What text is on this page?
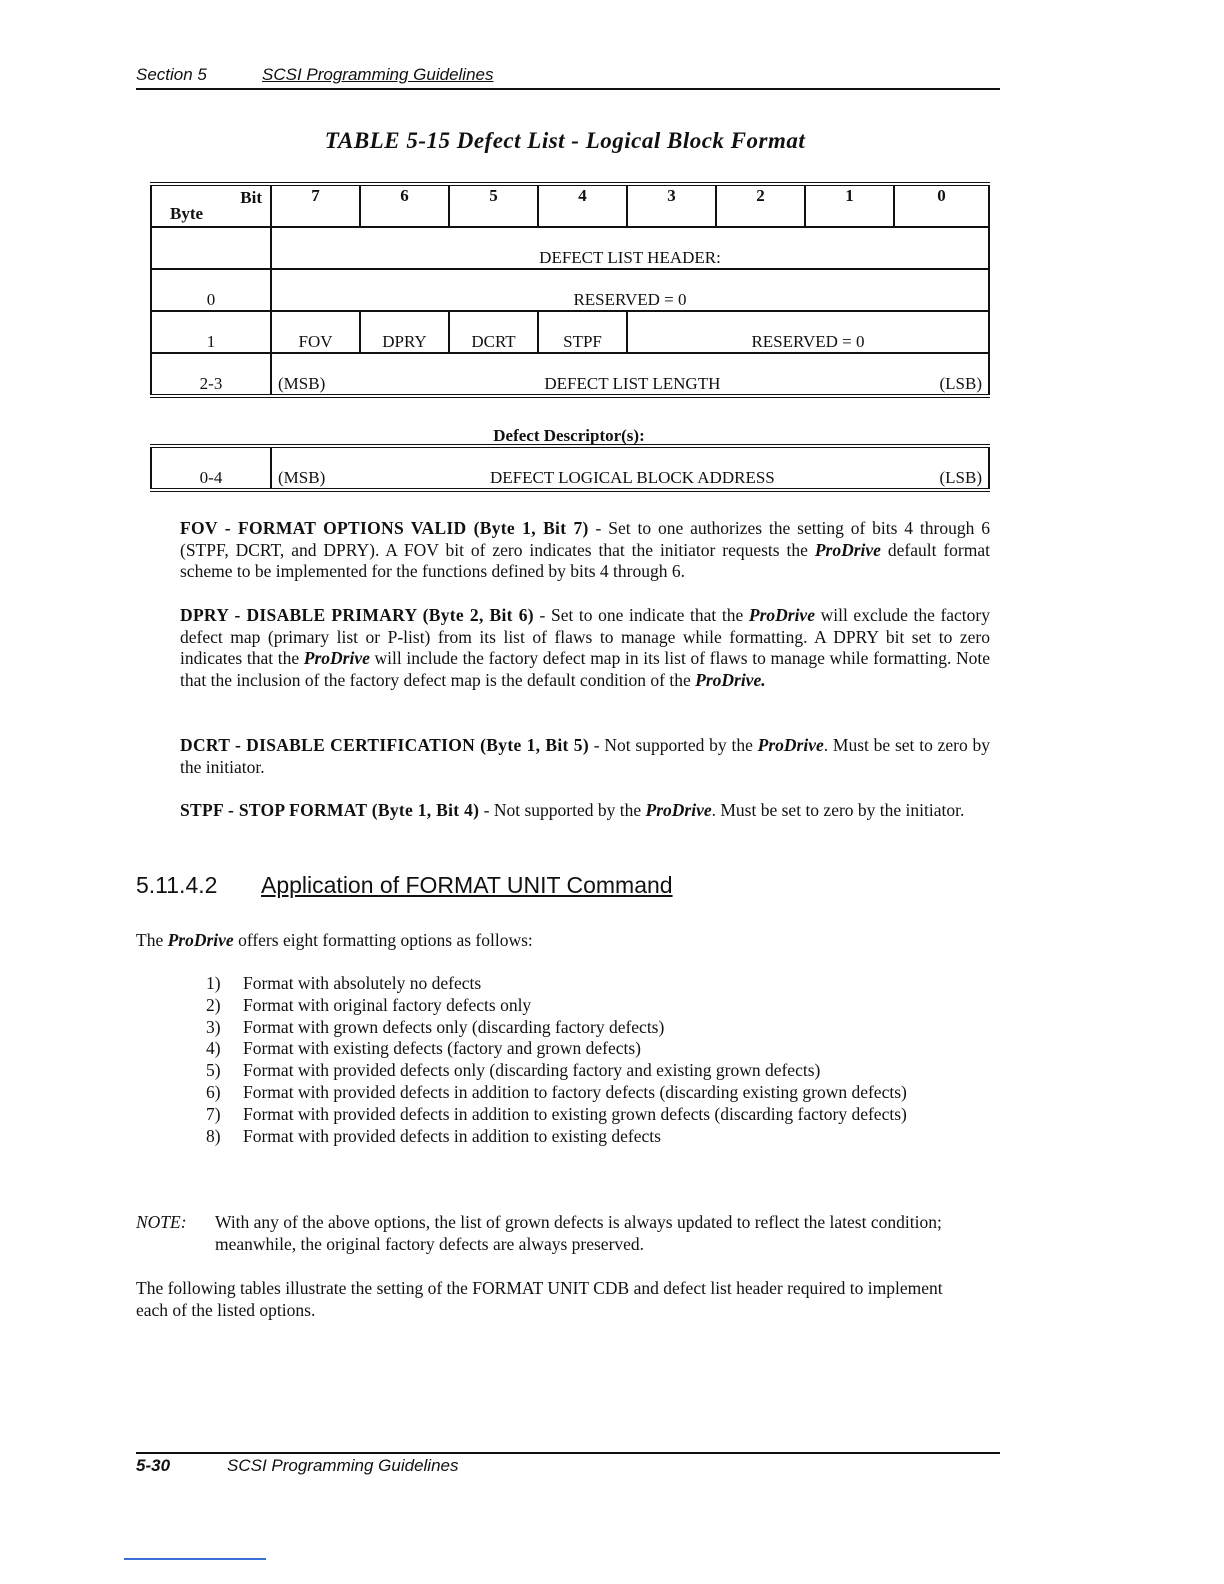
Section 5	SCSI Programming Guidelines
TABLE 5-15 Defect List - Logical Block Format
Bit
Byte	7	6	5	4	3	2	1	0
	DEFECT LIST HEADER:							
0	RESERVED = 0							
1	FOV	DPRY	DCRT	STPF	RESERVED = 0			
2-3	(MSB) DEFECT LIST LENGTH (LSB)							
Defect Descriptor(s):
0-4	(MSB)	DEFECT LOGICAL BLOCK ADDRESS	(LSB)
FOV - FORMAT OPTIONS VALID (Byte 1, Bit 7) - Set to one authorizes the setting of bits 4 through 6 (STPF, DCRT, and DPRY). A FOV bit of zero indicates that the initiator requests the ProDrive default format scheme to be implemented for the functions defined by bits 4 through 6.
DPRY - DISABLE PRIMARY (Byte 2, Bit 6) - Set to one indicate that the ProDrive will exclude the factory defect map (primary list or P-list) from its list of flaws to manage while formatting. A DPRY bit set to zero indicates that the ProDrive will include the factory defect map in its list of flaws to manage while formatting. Note that the inclusion of the factory defect map is the default condition of the ProDrive.
DCRT - DISABLE CERTIFICATION (Byte 1, Bit 5) - Not supported by the ProDrive. Must be set to zero by the initiator.
STPF - STOP FORMAT (Byte 1, Bit 4) - Not supported by the ProDrive. Must be set to zero by the initiator.
5.11.4.2 Application of FORMAT UNIT Command
The ProDrive offers eight formatting options as follows:
1) Format with absolutely no defects
2) Format with original factory defects only
3) Format with grown defects only (discarding factory defects)
4) Format with existing defects (factory and grown defects)
5) Format with provided defects only (discarding factory and existing grown defects)
6) Format with provided defects in addition to factory defects (discarding existing grown defects)
7) Format with provided defects in addition to existing grown defects (discarding factory defects)
8) Format with provided defects in addition to existing defects
NOTE: With any of the above options, the list of grown defects is always updated to reflect the latest condition; meanwhile, the original factory defects are always preserved.
The following tables illustrate the setting of the FORMAT UNIT CDB and defect list header required to implement each of the listed options.
5-30	SCSI Programming Guidelines
